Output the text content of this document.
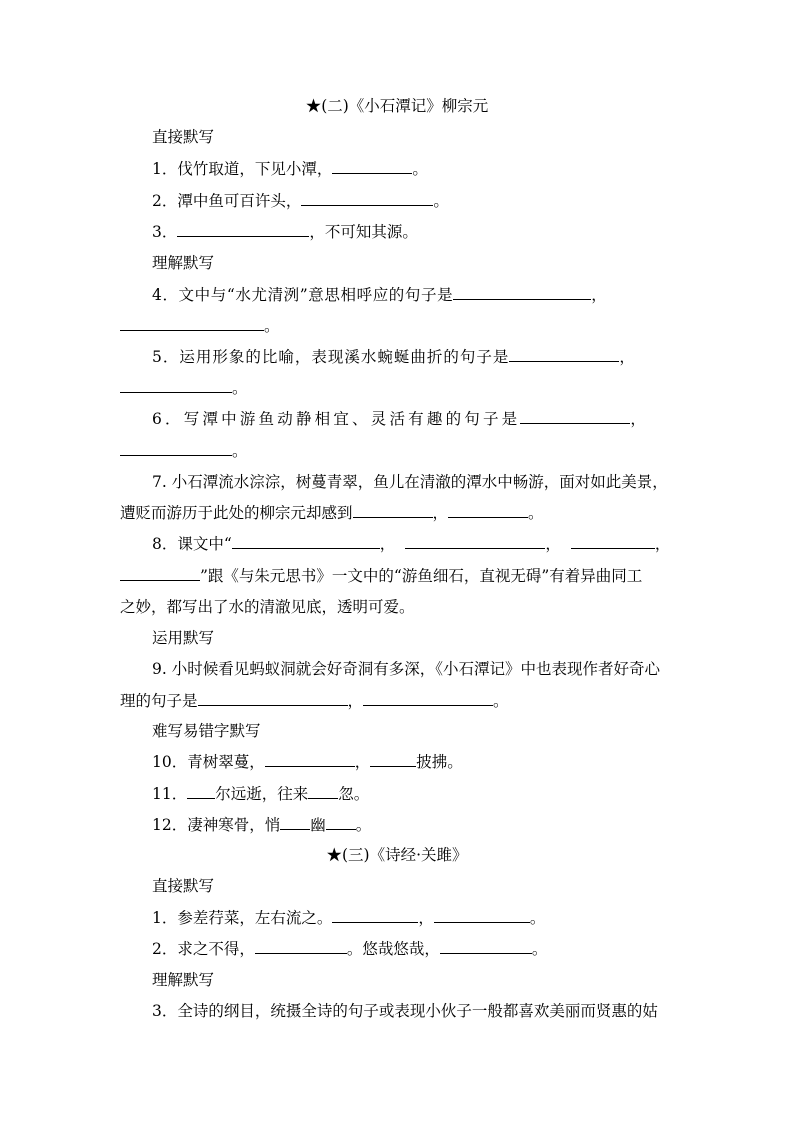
★(二)《小石潭记》柳宗元
直接默写
1．伐竹取道，下见小潭，	。
2．潭中鱼可百许头，	。
3．	，不可知其源。
理解默写
4．文中与“水尤清洌”意思相呼应的句子是	，
。
5．运用形象的比喻，表现溪水蜿蜒曲折的句子是	，
。
6．写潭中游鱼动静相宜、灵活有趣的句子是	，
。
7. 小石潭流水淙淙，树蔓青翠，鱼儿在清澈的潭水中畅游，面对如此美景，
遭贬而游历于此处的柳宗元却感到	，	。
8．课文中“	，	，	，
”跟《与朱元思书》一文中的“游鱼细石，直视无碍”有着异曲同工
之妙，都写出了水的清澈见底，透明可爱。
运用默写
9. 小时候看见蚂蚁洞就会好奇洞有多深，《小石潭记》中也表现作者好奇心
理的句子是	，	。
难写易错字默写
10．青树翠蔓，	，	披拂。
11． 尔远逝，往来 忽。
12．凄神寒骨，悄 幽 。
★(三)《诗经·关雎》
直接默写
1．参差荇菜，左右流之。	，	。
2．求之不得，	。悠哉悠哉，	。
理解默写
3．全诗的纲目，统摄全诗的句子或表现小伙子一般都喜欢美丽而贤惠的姑
